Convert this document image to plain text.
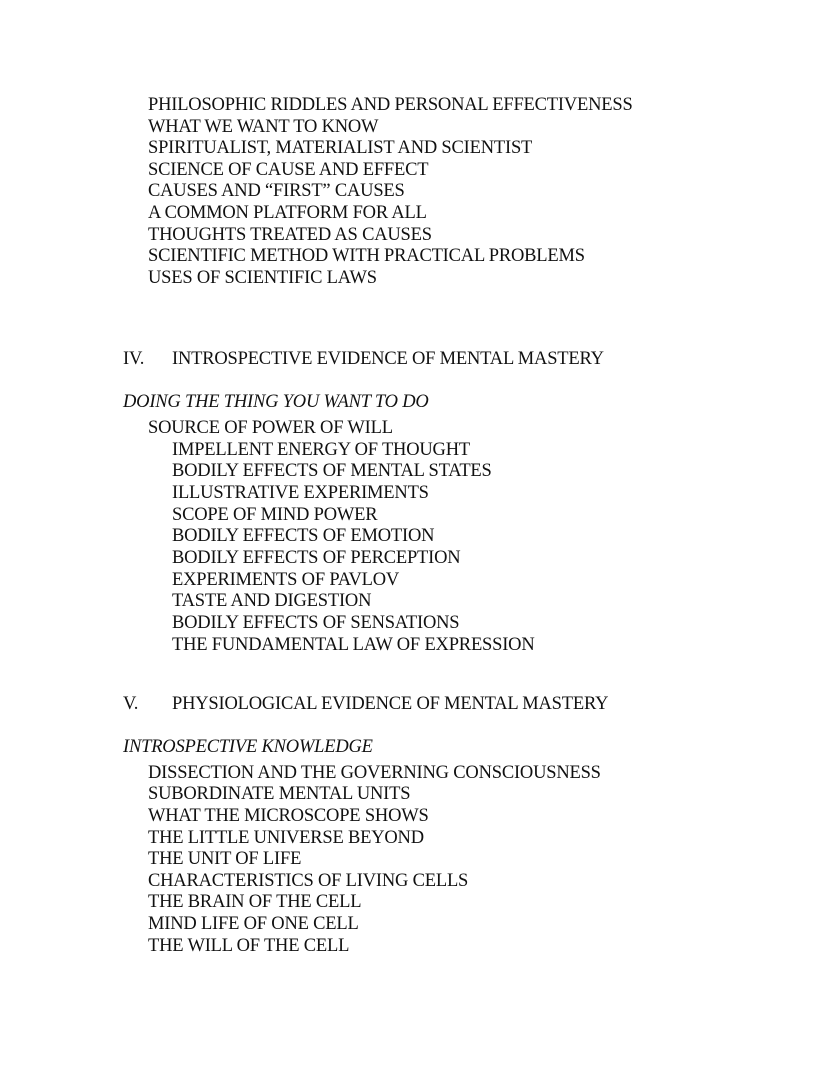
PHILOSOPHIC RIDDLES AND PERSONAL EFFECTIVENESS
WHAT WE WANT TO KNOW
SPIRITUALIST, MATERIALIST AND SCIENTIST
SCIENCE OF CAUSE AND EFFECT
CAUSES AND “FIRST” CAUSES
A COMMON PLATFORM FOR ALL
THOUGHTS TREATED AS CAUSES
SCIENTIFIC METHOD WITH PRACTICAL PROBLEMS
USES OF SCIENTIFIC LAWS
IV. INTROSPECTIVE EVIDENCE OF MENTAL MASTERY
DOING THE THING YOU WANT TO DO
SOURCE OF POWER OF WILL
IMPELLENT ENERGY OF THOUGHT
BODILY EFFECTS OF MENTAL STATES
ILLUSTRATIVE EXPERIMENTS
SCOPE OF MIND POWER
BODILY EFFECTS OF EMOTION
BODILY EFFECTS OF PERCEPTION
EXPERIMENTS OF PAVLOV
TASTE AND DIGESTION
BODILY EFFECTS OF SENSATIONS
THE FUNDAMENTAL LAW OF EXPRESSION
V. PHYSIOLOGICAL EVIDENCE OF MENTAL MASTERY
INTROSPECTIVE KNOWLEDGE
DISSECTION AND THE GOVERNING CONSCIOUSNESS
SUBORDINATE MENTAL UNITS
WHAT THE MICROSCOPE SHOWS
THE LITTLE UNIVERSE BEYOND
THE UNIT OF LIFE
CHARACTERISTICS OF LIVING CELLS
THE BRAIN OF THE CELL
MIND LIFE OF ONE CELL
THE WILL OF THE CELL
